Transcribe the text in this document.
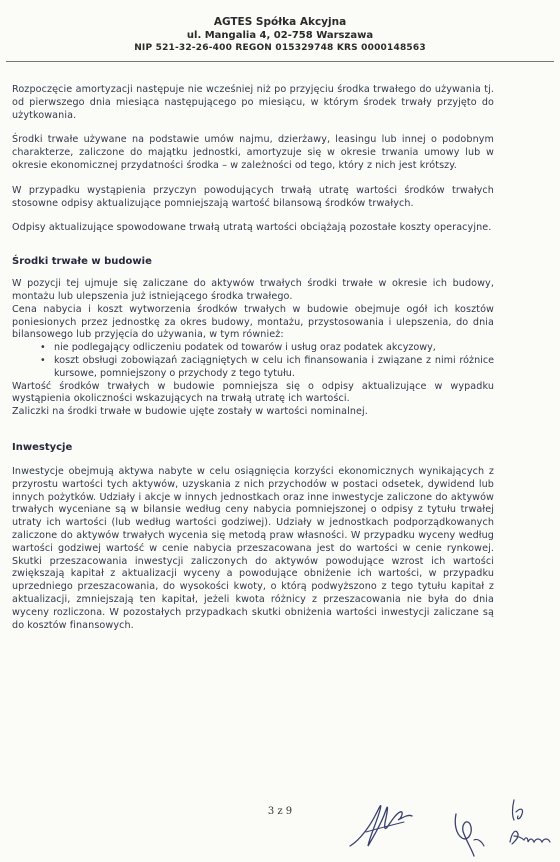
AGTES Spółka Akcyjna
ul. Mangalia 4, 02-758 Warszawa
NIP 521-32-26-400 REGON 015329748 KRS 0000148563

Rozpoczęcie amortyzacji następuje nie wcześniej niż po przyjęciu środka trwałego do używania tj. od pierwszego dnia miesiąca następującego po miesiącu, w którym środek trwały przyjęto do użytkowania.

Środki trwałe używane na podstawie umów najmu, dzierżawy, leasingu lub innej o podobnym charakterze, zaliczone do majątku jednostki, amortyzuje się w okresie trwania umowy lub w okresie ekonomicznej przydatności środka – w zależności od tego, który z nich jest krótszy.

W przypadku wystąpienia przyczyn powodujących trwałą utratę wartości środków trwałych stosowne odpisy aktualizujące pomniejszają wartość bilansową środków trwałych.

Odpisy aktualizujące spowodowane trwałą utratą wartości obciążają pozostałe koszty operacyjne.

Środki trwałe w budowie

W pozycji tej ujmuje się zaliczane do aktywów trwałych środki trwałe w okresie ich budowy, montażu lub ulepszenia już istniejącego środka trwałego.

Cena nabycia i koszt wytworzenia środków trwałych w budowie obejmuje ogół ich kosztów poniesionych przez jednostkę za okres budowy, montażu, przystosowania i ulepszenia, do dnia bilansowego lub przyjęcia do używania, w tym również:

• nie podlegający odliczeniu podatek od towarów i usług oraz podatek akcyzowy,
• koszt obsługi zobowiązań zaciągniętych w celu ich finansowania i związane z nimi różnice kursowe, pomniejszony o przychody z tego tytułu.

Wartość środków trwałych w budowie pomniejsza się o odpisy aktualizujące w wypadku wystąpienia okoliczności wskazujących na trwałą utratę ich wartości.

Zaliczki na środki trwałe w budowie ujęte zostały w wartości nominalnej.

Inwestycje

Inwestycje obejmują aktywa nabyte w celu osiągnięcia korzyści ekonomicznych wynikających z przyrostu wartości tych aktywów, uzyskania z nich przychodów w postaci odsetek, dywidend lub innych pożytków. Udziały i akcje w innych jednostkach oraz inne inwestycje zaliczone do aktywów trwałych wyceniane są w bilansie według ceny nabycia pomniejszonej o odpisy z tytułu trwałej utraty ich wartości (lub według wartości godziwej). Udziały w jednostkach podporządkowanych zaliczone do aktywów trwałych wycenia się metodą praw własności. W przypadku wyceny według wartości godziwej wartość w cenie nabycia przeszacowana jest do wartości w cenie rynkowej. Skutki przeszacowania inwestycji zaliczonych do aktywów powodujące wzrost ich wartości zwiększają kapitał z aktualizacji wyceny a powodujące obniżenie ich wartości, w przypadku uprzedniego przeszacowania, do wysokości kwoty, o którą podwyższono z tego tytułu kapitał z aktualizacji, zmniejszają ten kapitał, jeżeli kwota różnicy z przeszacowania nie była do dnia wyceny rozliczona. W pozostałych przypadkach skutki obniżenia wartości inwestycji zaliczane są do kosztów finansowych.

3 z 9
